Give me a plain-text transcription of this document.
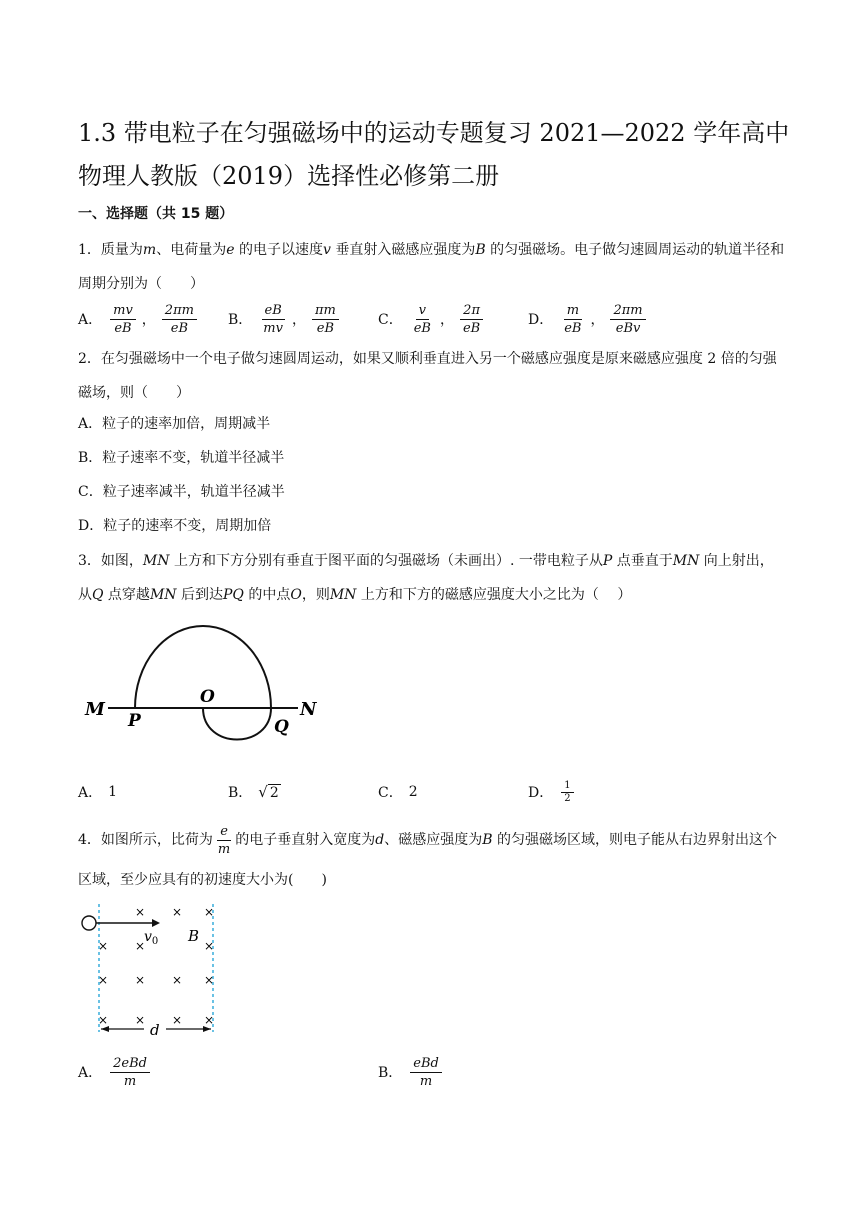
1.3 带电粒子在匀强磁场中的运动专题复习 2021—2022 学年高中物理人教版（2019）选择性必修第二册
一、选择题（共 15 题）
1．质量为m、电荷量为e 的电子以速度v 垂直射入磁感应强度为B 的匀强磁场。电子做匀速圆周运动的轨道半径和周期分别为（　　）
A． $\frac{mv}{eB}$ ， $\frac{2\pi m}{eB}$ B． $\frac{eB}{mv}$ ， $\frac{\pi m}{eB}$	C． $\frac{v}{eB}$ ， $\frac{2\pi}{eB}$	D． $\frac{m}{eB}$ ， $\frac{2\pi m}{\text{eBv}}$
2．在匀强磁场中一个电子做匀速圆周运动，如果又顺利垂直进入另一个磁感应强度是原来磁感应强度 2 倍的匀强磁场，则（　　）
A．粒子的速率加倍，周期减半
B．粒子速率不变，轨道半径减半
C．粒子速率减半，轨道半径减半
D．粒子的速率不变，周期加倍
3．如图，MN 上方和下方分别有垂直于图平面的匀强磁场（未画出）. 一带电粒子从P 点垂直于MN 向上射出，从Q 点穿越MN 后到达PQ 的中点O，则MN 上方和下方的磁感应强度大小之比为（　 ）
M
P
O
Q
N
A． 1	B． √ 2	C． 2	D． $\frac{1}{2}$
4．如图所示，比荷为 $\frac{e}{m}$ 的电子垂直射入宽度为d、磁感应强度为B 的匀强磁场区域，则电子能从右边界射出这个区域，至少应具有的初速度大小为(　　)
× × ×
× ×	×
× × × ×
× × × ×
$v_0$ B
d
A． $\frac{\text{2eBd}}{m}$	B． $\frac{\text{eBd}}{m}$
